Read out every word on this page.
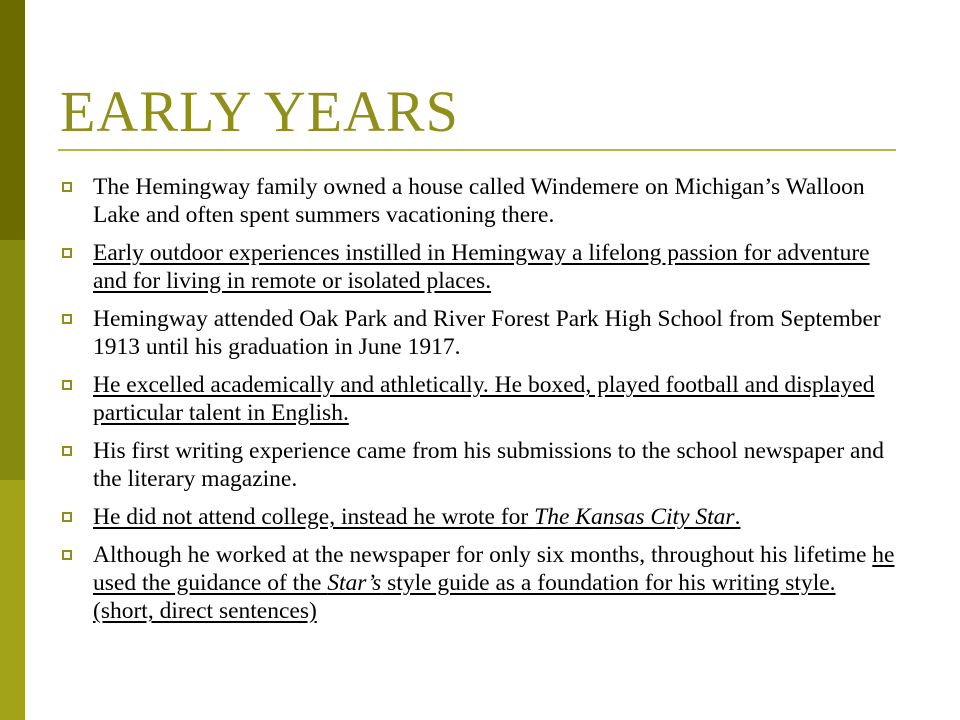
EARLY YEARS
The Hemingway family owned a house called Windemere on Michigan’s Walloon Lake and often spent summers vacationing there.
Early outdoor experiences instilled in Hemingway a lifelong passion for adventure and for living in remote or isolated places.
Hemingway attended Oak Park and River Forest Park High School from September 1913 until his graduation in June 1917.
He excelled academically and athletically. He boxed, played football and displayed particular talent in English.
His first writing experience came from his submissions to the school newspaper and the literary magazine.
He did not attend college, instead he wrote for The Kansas City Star.
Although he worked at the newspaper for only six months, throughout his lifetime he used the guidance of the Star’s style guide as a foundation for his writing style. (short, direct sentences)
